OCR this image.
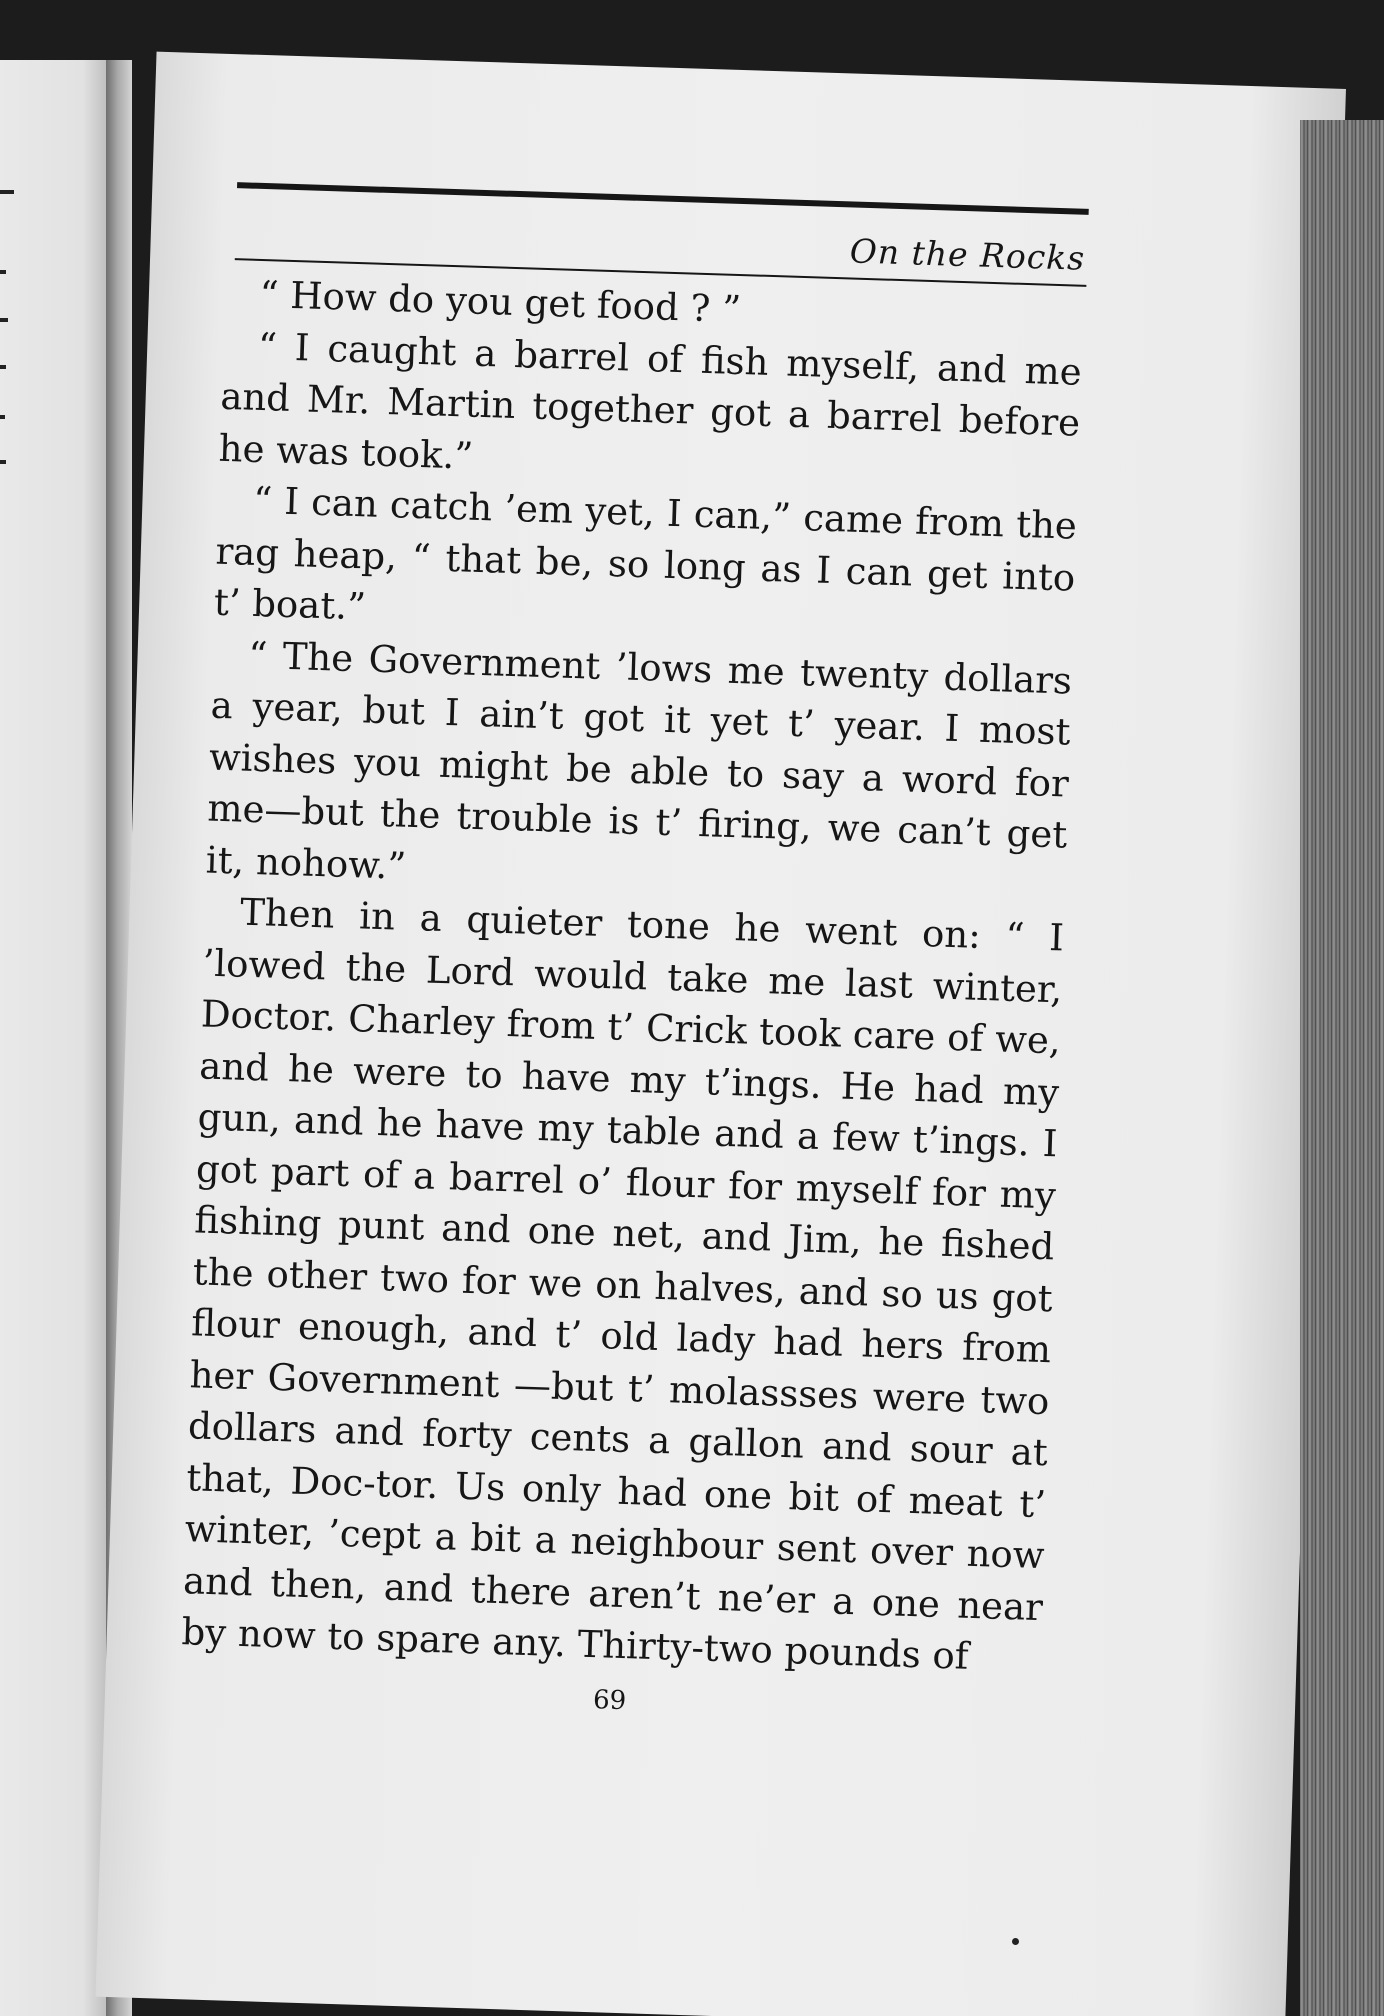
On the Rocks

“ How do you get food ? ”

“ I caught a barrel of fish myself, and me and Mr. Martin together got a barrel before he was took.”

“ I can catch ’em yet, I can,” came from the rag heap, “ that be, so long as I can get into t’ boat.”

“ The Government ’lows me twenty dollars a year, but I ain’t got it yet t’ year. I most wishes you might be able to say a word for me—but the trouble is t’ firing, we can’t get it, nohow.”

Then in a quieter tone he went on: “ I ’lowed the Lord would take me last winter, Doctor. Charley from t’ Crick took care of we, and he were to have my t’ings. He had my gun, and he have my table and a few t’ings. I got part of a barrel o’ flour for myself for my fishing punt and one net, and Jim, he fished the other two for we on halves, and so us got flour enough, and t’ old lady had hers from her Government —but t’ molassses were two dollars and forty cents a gallon and sour at that, Doc-tor. Us only had one bit of meat t’ winter, ’cept a bit a neighbour sent over now and then, and there aren’t ne’er a one near by now to spare any. Thirty-two pounds of

69
